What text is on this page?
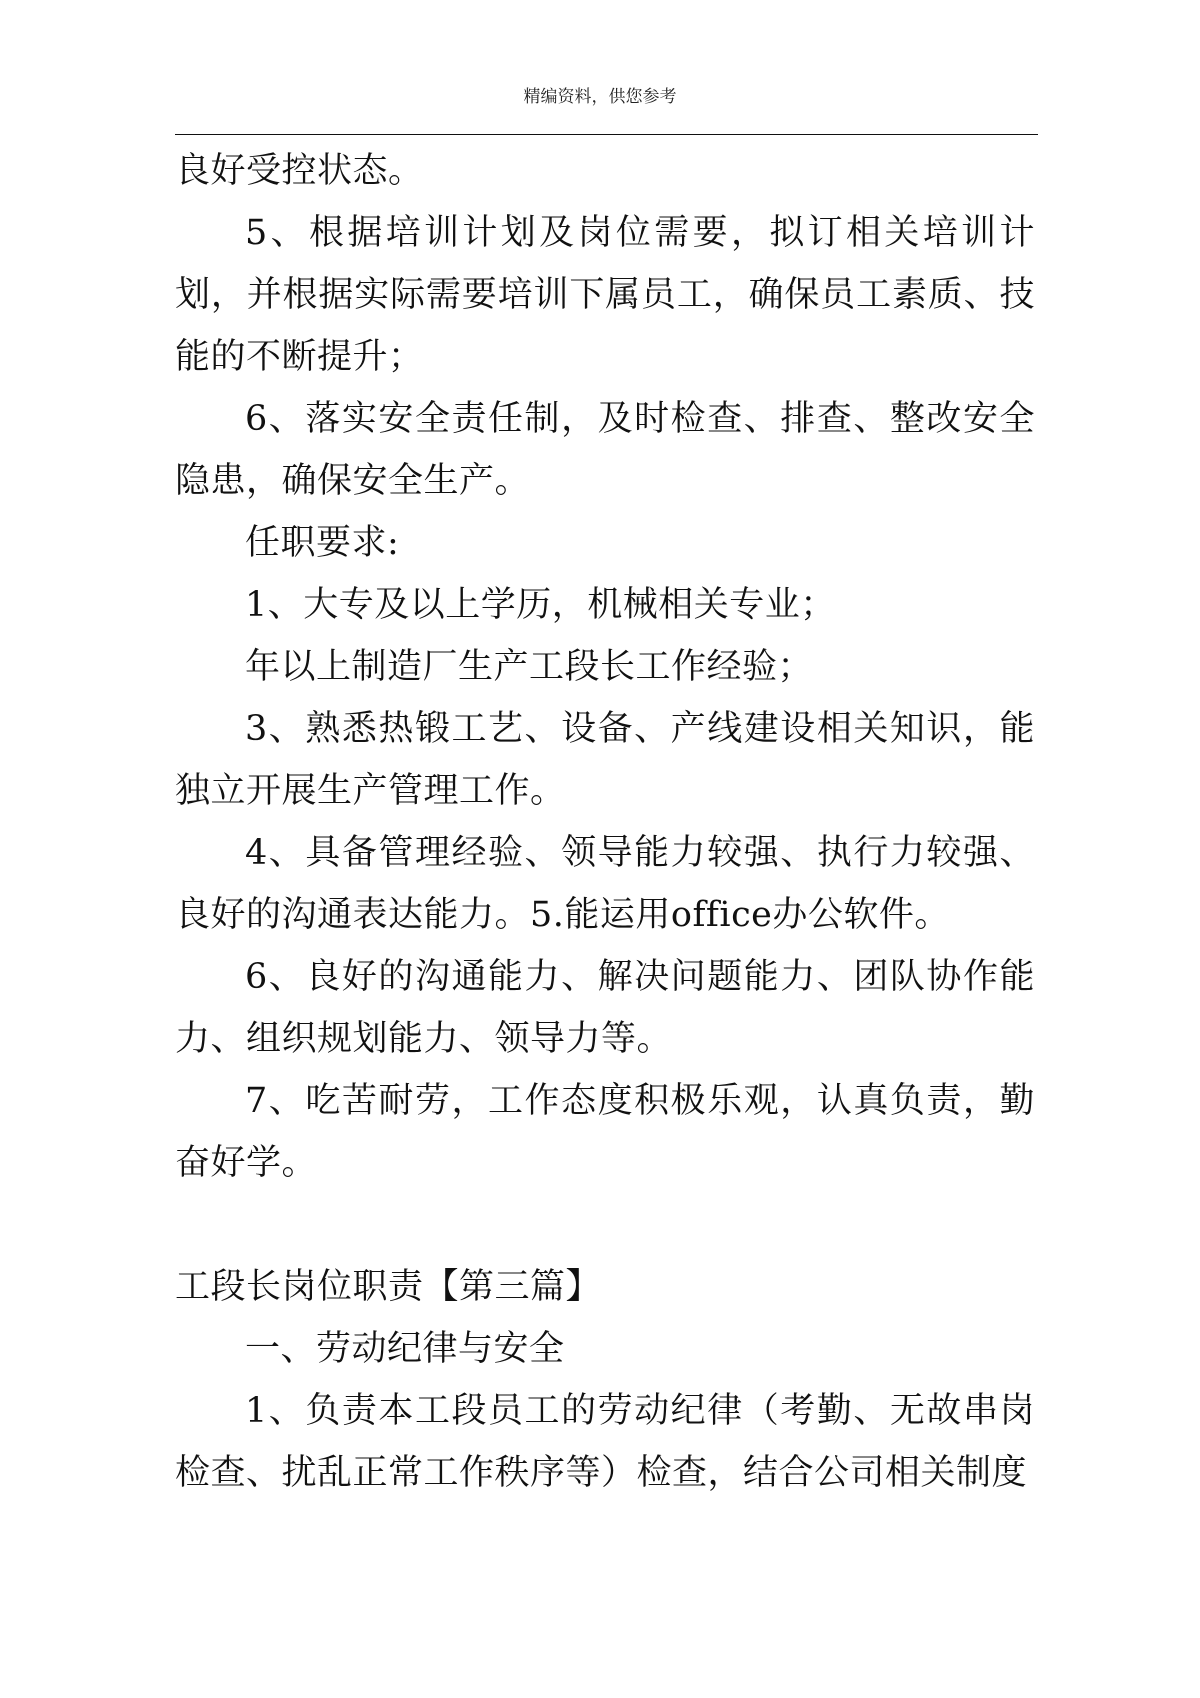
精编资料，供您参考

良好受控状态。

5、根据培训计划及岗位需要，拟订相关培训计划，并根据实际需要培训下属员工，确保员工素质、技能的不断提升；

6、落实安全责任制，及时检查、排查、整改安全隐患，确保安全生产。

任职要求:

1、大专及以上学历，机械相关专业；

年以上制造厂生产工段长工作经验；

3、熟悉热锻工艺、设备、产线建设相关知识，能独立开展生产管理工作。

4、具备管理经验、领导能力较强、执行力较强、良好的沟通表达能力。5.能运用office办公软件。

6、良好的沟通能力、解决问题能力、团队协作能力、组织规划能力、领导力等。

7、吃苦耐劳，工作态度积极乐观，认真负责，勤奋好学。

工段长岗位职责【第三篇】

一、劳动纪律与安全

1、负责本工段员工的劳动纪律（考勤、无故串岗检查、扰乱正常工作秩序等）检查，结合公司相关制度
